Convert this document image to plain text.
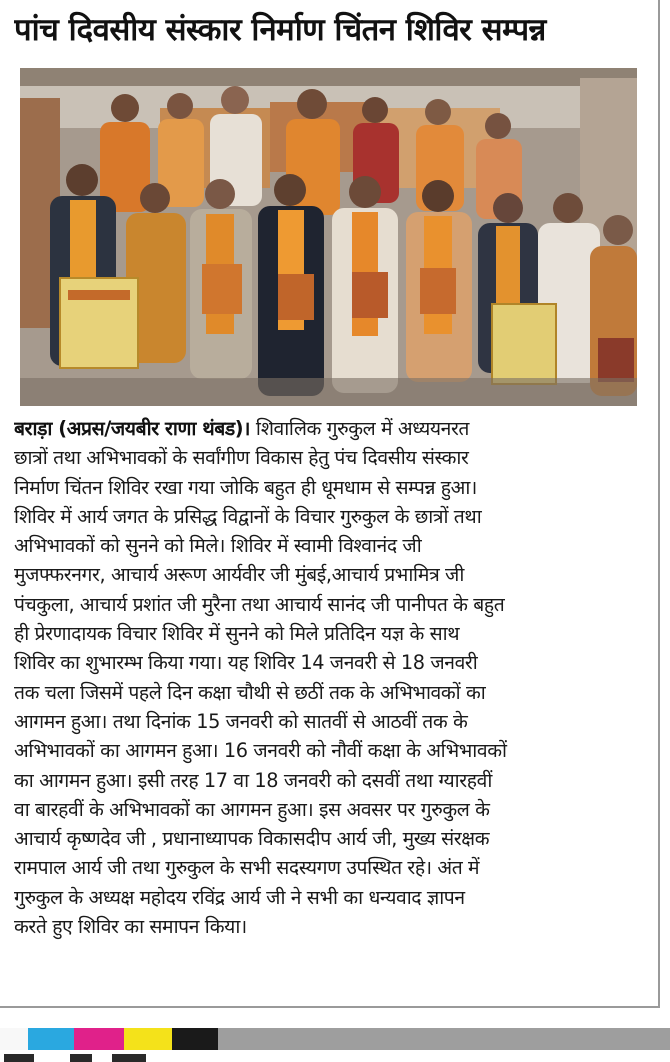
पांच दिवसीय संस्कार निर्माण चिंतन शिविर सम्पन्न
बराड़ा (अप्रस/जयबीर राणा थंबड)। शिवालिक गुरुकुल में अध्ययनरत
छात्रों तथा अभिभावकों के सर्वांगीण विकास हेतु पंच दिवसीय संस्कार
निर्माण चिंतन शिविर रखा गया जोकि बहुत ही धूमधाम से सम्पन्न हुआ।
शिविर में आर्य जगत के प्रसिद्ध विद्वानों के विचार गुरुकुल के छात्रों तथा
अभिभावकों को सुनने को मिले। शिविर में स्वामी विश्वानंद जी
मुजफ्फरनगर, आचार्य अरूण आर्यवीर जी मुंबई,आचार्य प्रभामित्र जी
पंचकुला, आचार्य प्रशांत जी मुरैना तथा आचार्य सानंद जी पानीपत के बहुत
ही प्रेरणादायक विचार शिविर में सुनने को मिले प्रतिदिन यज्ञ के साथ
शिविर का शुभारम्भ किया गया। यह शिविर 14 जनवरी से 18 जनवरी
तक चला जिसमें पहले दिन कक्षा चौथी से छठीं तक के अभिभावकों का
आगमन हुआ। तथा दिनांक 15 जनवरी को सातवीं से आठवीं तक के
अभिभावकों का आगमन हुआ। 16 जनवरी को नौवीं कक्षा के अभिभावकों
का आगमन हुआ। इसी तरह 17 वा 18 जनवरी को दसवीं तथा ग्यारहवीं
वा बारहवीं के अभिभावकों का आगमन हुआ। इस अवसर पर गुरुकुल के
आचार्य कृष्णदेव जी , प्रधानाध्यापक विकासदीप आर्य जी, मुख्य संरक्षक
रामपाल आर्य जी तथा गुरुकुल के सभी सदस्यगण उपस्थित रहे। अंत में
गुरुकुल के अध्यक्ष महोदय रविंद्र आर्य जी ने सभी का धन्यवाद ज्ञापन
करते हुए शिविर का समापन किया।
